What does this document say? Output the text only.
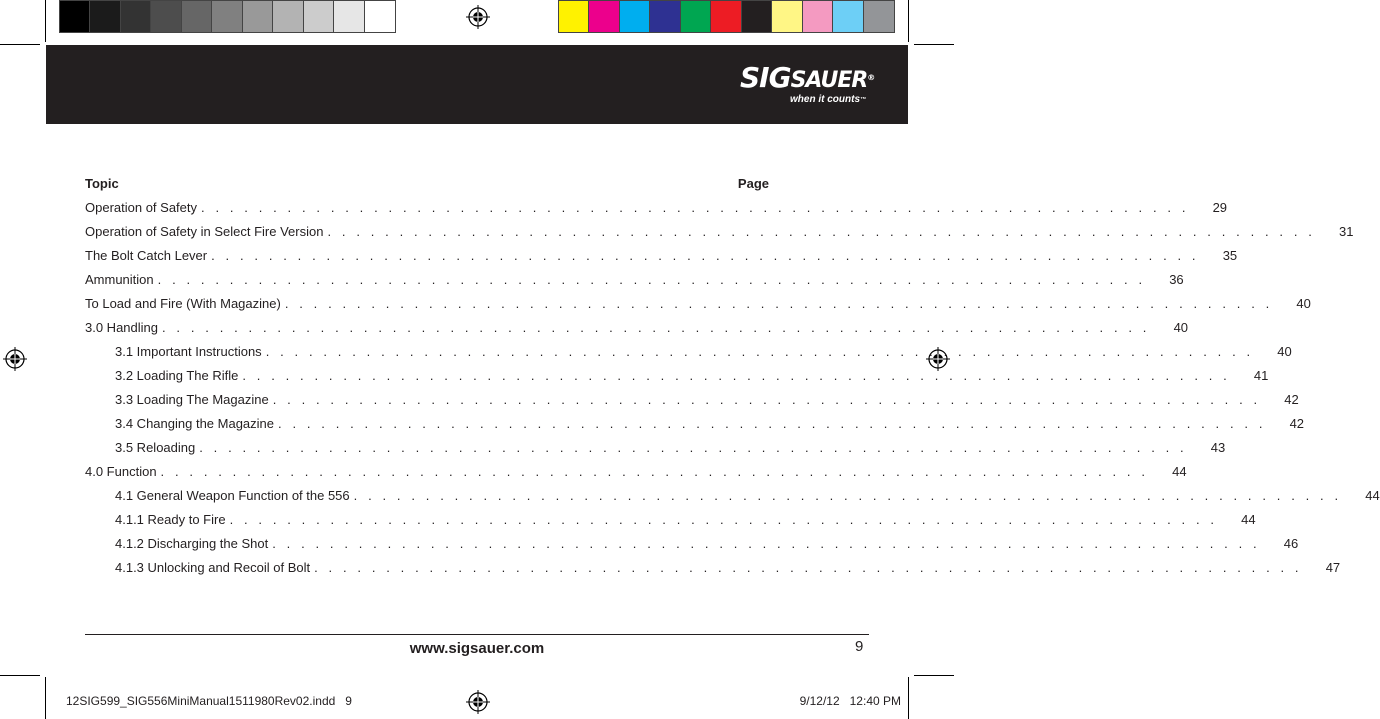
SIGSAUER®
when it counts™
Topic	Page
Operation of Safety . . . . . . . . . . . . . . . . . . . . . . . . . . . . . . . . . . . . . . . . . . . . . . . . . . . . . . . . . . . . . . . . . . . . .	29
Operation of Safety in Select Fire Version . . . . . . . . . . . . . . . . . . . . . . . . . . . . . . . . . . . . . . . . . . . . . . . . . . . . . . . . . . . . . . . . . . . . .	31
The Bolt Catch Lever . . . . . . . . . . . . . . . . . . . . . . . . . . . . . . . . . . . . . . . . . . . . . . . . . . . . . . . . . . . . . . . . . . . . .	35
Ammunition . . . . . . . . . . . . . . . . . . . . . . . . . . . . . . . . . . . . . . . . . . . . . . . . . . . . . . . . . . . . . . . . . . . . .	36
To Load and Fire (With Magazine) . . . . . . . . . . . . . . . . . . . . . . . . . . . . . . . . . . . . . . . . . . . . . . . . . . . . . . . . . . . . . . . . . . . . .	40
3.0 Handling . . . . . . . . . . . . . . . . . . . . . . . . . . . . . . . . . . . . . . . . . . . . . . . . . . . . . . . . . . . . . . . . . . . . .	40
3.1 Important Instructions . . . . . . . . . . . . . . . . . . . . . . . . . . . . . . . . . . . . . . . . . . . . . . . . . . . . . . . . . . . . . . . . . . . . .	40
3.2 Loading The Rifle . . . . . . . . . . . . . . . . . . . . . . . . . . . . . . . . . . . . . . . . . . . . . . . . . . . . . . . . . . . . . . . . . . . . .	41
3.3 Loading The Magazine . . . . . . . . . . . . . . . . . . . . . . . . . . . . . . . . . . . . . . . . . . . . . . . . . . . . . . . . . . . . . . . . . . . . .	42
3.4 Changing the Magazine . . . . . . . . . . . . . . . . . . . . . . . . . . . . . . . . . . . . . . . . . . . . . . . . . . . . . . . . . . . . . . . . . . . . .	42
3.5 Reloading . . . . . . . . . . . . . . . . . . . . . . . . . . . . . . . . . . . . . . . . . . . . . . . . . . . . . . . . . . . . . . . . . . . . .	43
4.0 Function . . . . . . . . . . . . . . . . . . . . . . . . . . . . . . . . . . . . . . . . . . . . . . . . . . . . . . . . . . . . . . . . . . . . .	44
4.1 General Weapon Function of the 556 . . . . . . . . . . . . . . . . . . . . . . . . . . . . . . . . . . . . . . . . . . . . . . . . . . . . . . . . . . . . . . . . . . . . .	44
4.1.1 Ready to Fire . . . . . . . . . . . . . . . . . . . . . . . . . . . . . . . . . . . . . . . . . . . . . . . . . . . . . . . . . . . . . . . . . . . . .	44
4.1.2 Discharging the Shot . . . . . . . . . . . . . . . . . . . . . . . . . . . . . . . . . . . . . . . . . . . . . . . . . . . . . . . . . . . . . . . . . . . . .	46
4.1.3 Unlocking and Recoil of Bolt . . . . . . . . . . . . . . . . . . . . . . . . . . . . . . . . . . . . . . . . . . . . . . . . . . . . . . . . . . . . . . . . . . . . .	47
www.sigsauer.com	9
12SIG599_SIG556MiniManual1511980Rev02.indd   9	9/12/12   12:40 PM
